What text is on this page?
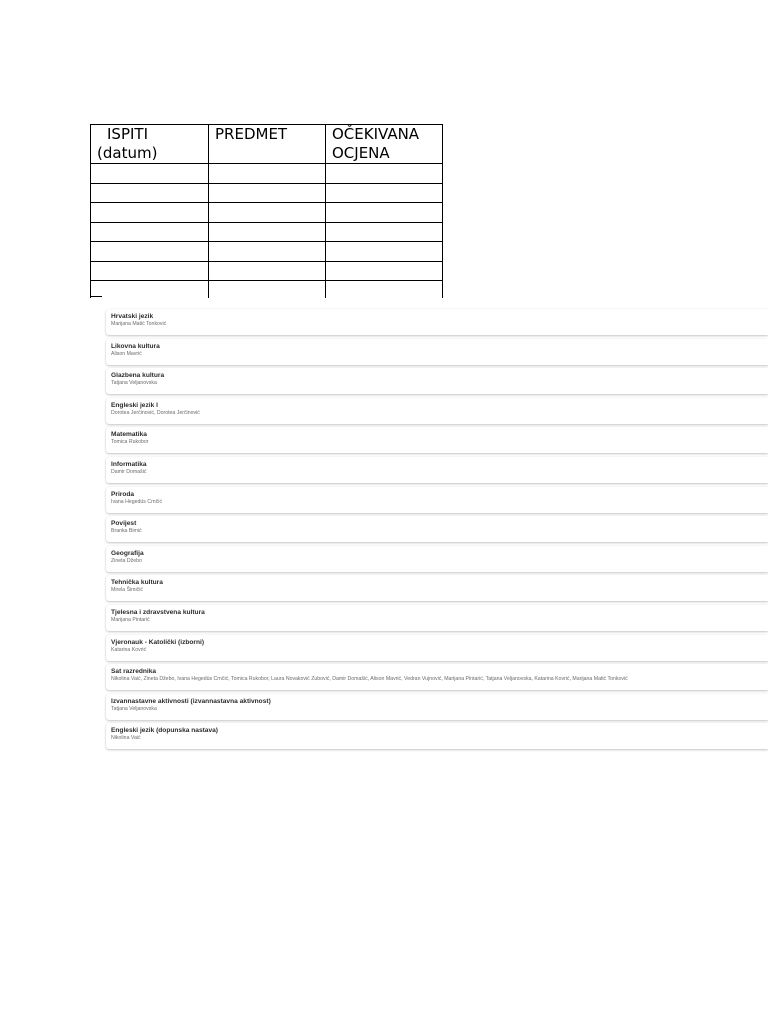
ISPITI
(datum)	PREDMET	OČEKIVANA
OCJENA

Hrvatski jezik
Marijana Matić Tonković
Likovna kultura
Alison Mavrić
Glazbena kultura
Tatjana Veljanovska
Engleski jezik I
Dorotea Jerčinović, Dorotea Jerčinović
Matematika
Tomica Rukobor
Informatika
Damir Domašić
Priroda
Ivana Hegedüs Crnčić
Povijest
Branka Bimić
Geografija
Zineta Džebo
Tehnička kultura
Mirela Šimičić
Tjelesna i zdravstvena kultura
Marijana Pintarić
Vjeronauk - Katolički (izborni)
Katarina Kovrić
Sat razrednika
Nikolina Vaić, Zineta Džebo, Ivana Hegedüs Crnčić, Tomica Rukobor, Laura Novaković Zubović, Damir Domašić, Alison Mavrić, Vedran Vujnović, Marijana Pintarić, Tatjana Veljanovska, Katarina Kovrić, Marijana Matić Tonković
Izvannastavne aktivnosti (izvannastavna aktivnost)
Tatjana Veljanovska
Engleski jezik (dopunska nastava)
Nikolina Vaić
